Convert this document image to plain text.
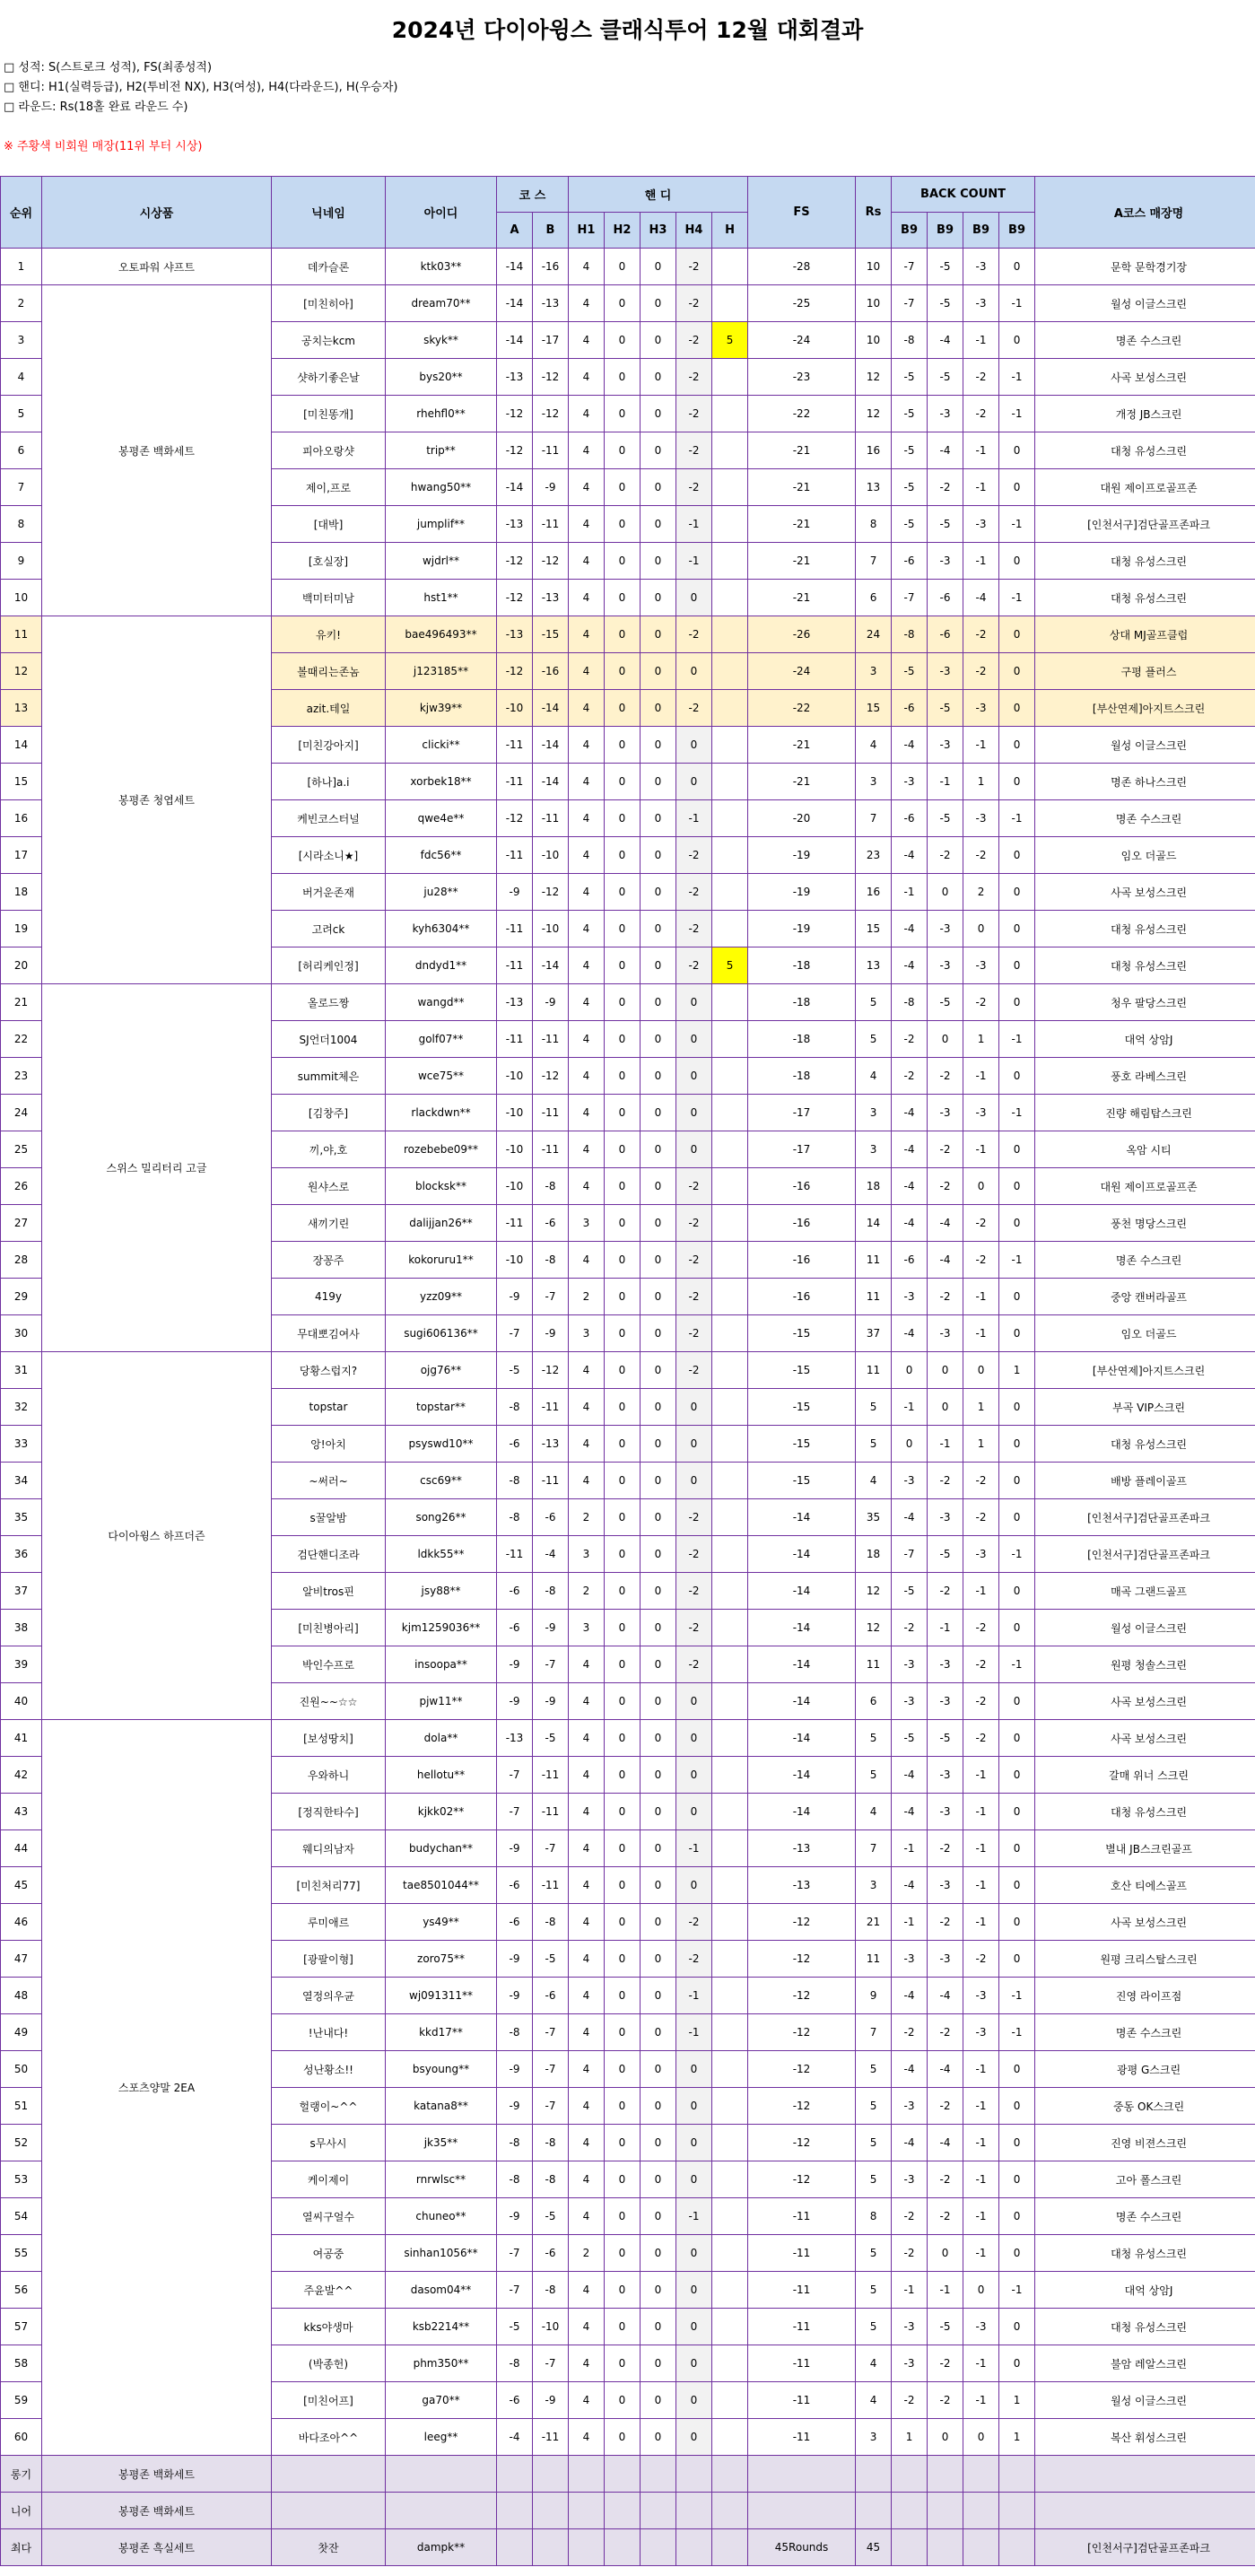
2024년 다이아윙스 클래식투어 12월 대회결과
□ 성적: S(스트로크 성적), FS(최종성적)
□ 핸디: H1(실력등급), H2(투비전 NX), H3(여성), H4(다라운드), H(우승자)
□ 라운드: Rs(18홀 완료 라운드 수)
※ 주황색 비회원 매장(11위 부터 시상)
순위	시상품	닉네임	아이디	코 스		핸 디					FS	Rs	BACK COUNT				A코스 매장명
				A	B	H1	H2	H3	H4	H			B9	B9	B9	B9	
1	오토파워 샤프트	데카슬론	ktk03**	-14	-16	4	0	0	-2		-28	10	-7	-5	-3	0	문학 문학경기장
2	봉평존 백화세트	[미친히아]	dream70**	-14	-13	4	0	0	-2		-25	10	-7	-5	-3	-1	월성 이글스크린
3		공치는kcm	skyk**	-14	-17	4	0	0	-2	5	-24	10	-8	-4	-1	0	명존 수스크린
4		샷하기좋은날	bys20**	-13	-12	4	0	0	-2		-23	12	-5	-5	-2	-1	사곡 보성스크린
5		[미친똥개]	rhehfl0**	-12	-12	4	0	0	-2		-22	12	-5	-3	-2	-1	개정 JB스크린
6		피아오랑샷	trip**	-12	-11	4	0	0	-2		-21	16	-5	-4	-1	0	대청 유성스크린
7		제이,프로	hwang50**	-14	-9	4	0	0	-2		-21	13	-5	-2	-1	0	대원 제이프로골프존
8		[대박]	jumplif**	-13	-11	4	0	0	-1		-21	8	-5	-5	-3	-1	[인천서구]검단골프존파크
9		[호실장]	wjdrl**	-12	-12	4	0	0	-1		-21	7	-6	-3	-1	0	대청 유성스크린
10		백미터미남	hst1**	-12	-13	4	0	0	0		-21	6	-7	-6	-4	-1	대청 유성스크린
11	봉평존 청엽세트	유키!	bae496493**	-13	-15	4	0	0	-2		-26	24	-8	-6	-2	0	상대 MJ골프클럽
12		볼때리는존놈	j123185**	-12	-16	4	0	0	0		-24	3	-5	-3	-2	0	구평 플러스
13		azit.테일	kjw39**	-10	-14	4	0	0	-2		-22	15	-6	-5	-3	0	[부산연제]아지트스크린
14		[미친강아지]	clicki**	-11	-14	4	0	0	0		-21	4	-4	-3	-1	0	월성 이글스크린
15		[하나]a.i	xorbek18**	-11	-14	4	0	0	0		-21	3	-3	-1	1	0	명존 하나스크린
16		케빈코스터널	qwe4e**	-12	-11	4	0	0	-1		-20	7	-6	-5	-3	-1	명존 수스크린
17		[시라소니★]	fdc56**	-11	-10	4	0	0	-2		-19	23	-4	-2	-2	0	임오 더골드
18		버거운존재	ju28**	-9	-12	4	0	0	-2		-19	16	-1	0	2	0	사곡 보성스크린
19		고려ck	kyh6304**	-11	-10	4	0	0	-2		-19	15	-4	-3	0	0	대청 유성스크린
20		[허리케인정]	dndyd1**	-11	-14	4	0	0	-2	5	-18	13	-4	-3	-3	0	대청 유성스크린
21	스위스 밀리터리 고글	올로드짱	wangd**	-13	-9	4	0	0	0		-18	5	-8	-5	-2	0	청우 팔당스크린
22		SJ언더1004	golf07**	-11	-11	4	0	0	0		-18	5	-2	0	1	-1	대억 상암J
23		summit체은	wce75**	-10	-12	4	0	0	0		-18	4	-2	-2	-1	0	풍호 라베스크린
24		[김창주]	rlackdwn**	-10	-11	4	0	0	0		-17	3	-4	-3	-3	-1	진량 해림탑스크린
25		끼,야,호	rozebebe09**	-10	-11	4	0	0	0		-17	3	-4	-2	-1	0	옥암 시티
26		원샤스로	blocksk**	-10	-8	4	0	0	-2		-16	18	-4	-2	0	0	대원 제이프로골프존
27		새끼기린	dalijjan26**	-11	-6	3	0	0	-2		-16	14	-4	-4	-2	0	풍천 명당스크린
28		장꽁주	kokoruru1**	-10	-8	4	0	0	-2		-16	11	-6	-4	-2	-1	명존 수스크린
29		419y	yzz09**	-9	-7	2	0	0	-2		-16	11	-3	-2	-1	0	중앙 캔버라골프
30		무대뽀김여사	sugi606136**	-7	-9	3	0	0	-2		-15	37	-4	-3	-1	0	임오 더골드
31	다이아윙스 하프더즌	당황스럽지?	ojg76**	-5	-12	4	0	0	-2		-15	11	0	0	0	1	[부산연제]아지트스크린
32		topstar	topstar**	-8	-11	4	0	0	0		-15	5	-1	0	1	0	부곡 VIP스크린
33		앙!아치	psyswd10**	-6	-13	4	0	0	0		-15	5	0	-1	1	0	대청 유성스크린
34		~써러~	csc69**	-8	-11	4	0	0	0		-15	4	-3	-2	-2	0	배방 플레이골프
35		s꿀알밤	song26**	-8	-6	2	0	0	-2		-14	35	-4	-3	-2	0	[인천서구]검단골프존파크
36		검단핸디조라	ldkk55**	-11	-4	3	0	0	-2		-14	18	-7	-5	-3	-1	[인천서구]검단골프존파크
37		알비tros핀	jsy88**	-6	-8	2	0	0	-2		-14	12	-5	-2	-1	0	매곡 그랜드골프
38		[미친병아리]	kjm1259036**	-6	-9	3	0	0	-2		-14	12	-2	-1	-2	0	월성 이글스크린
39		박인수프로	insoopa**	-9	-7	4	0	0	-2		-14	11	-3	-3	-2	-1	원평 청솔스크린
40		진원~~☆☆	pjw11**	-9	-9	4	0	0	0		-14	6	-3	-3	-2	0	사곡 보성스크린
41	스포츠양말 2EA	[보성땅치]	dola**	-13	-5	4	0	0	0		-14	5	-5	-5	-2	0	사곡 보성스크린
42		우와하니	hellotu**	-7	-11	4	0	0	0		-14	5	-4	-3	-1	0	갈매 위너 스크린
43		[정직한타수]	kjkk02**	-7	-11	4	0	0	0		-14	4	-4	-3	-1	0	대청 유성스크린
44		웨디의남자	budychan**	-9	-7	4	0	0	-1		-13	7	-1	-2	-1	0	별내 JB스크린골프
45		[미친처리77]	tae8501044**	-6	-11	4	0	0	0		-13	3	-4	-3	-1	0	호산 티에스골프
46		루미애르	ys49**	-6	-8	4	0	0	-2		-12	21	-1	-2	-1	0	사곡 보성스크린
47		[광팔이형]	zoro75**	-9	-5	4	0	0	-2		-12	11	-3	-3	-2	0	원평 크리스탈스크린
48		열정의우균	wj091311**	-9	-6	4	0	0	-1		-12	9	-4	-4	-3	-1	진영 라이프점
49		!난내다!	kkd17**	-8	-7	4	0	0	-1		-12	7	-2	-2	-3	-1	명존 수스크린
50		성난황소!!	bsyoung**	-9	-7	4	0	0	0		-12	5	-4	-4	-1	0	광평 G스크린
51		헐랭이~^^	katana8**	-9	-7	4	0	0	0		-12	5	-3	-2	-1	0	중동 OK스크린
52		s무사시	jk35**	-8	-8	4	0	0	0		-12	5	-4	-4	-1	0	진영 비젼스크린
53		케이제이	rnrwlsc**	-8	-8	4	0	0	0		-12	5	-3	-2	-1	0	고아 폴스크린
54		열씨구얼수	chuneo**	-9	-5	4	0	0	-1		-11	8	-2	-2	-1	0	명존 수스크린
55		여공중	sinhan1056**	-7	-6	2	0	0	0		-11	5	-2	0	-1	0	대청 유성스크린
56		주윤발^^	dasom04**	-7	-8	4	0	0	0		-11	5	-1	-1	0	-1	대억 상암J
57		kks야생마	ksb2214**	-5	-10	4	0	0	0		-11	5	-3	-5	-3	0	대청 유성스크린
58		(박종헌)	phm350**	-8	-7	4	0	0	0		-11	4	-3	-2	-1	0	불암 레알스크린
59		[미친어프]	ga70**	-6	-9	4	0	0	0		-11	4	-2	-2	-1	1	월성 이글스크린
60		바다조아^^	leeg**	-4	-11	4	0	0	0		-11	3	1	0	0	1	복산 휘성스크린
롱기	봉평존 백화세트																
니어	봉평존 백화세트																
최다	봉평존 흑실세트	찻잔	dampk**								45Rounds	45					[인천서구]검단골프존파크
